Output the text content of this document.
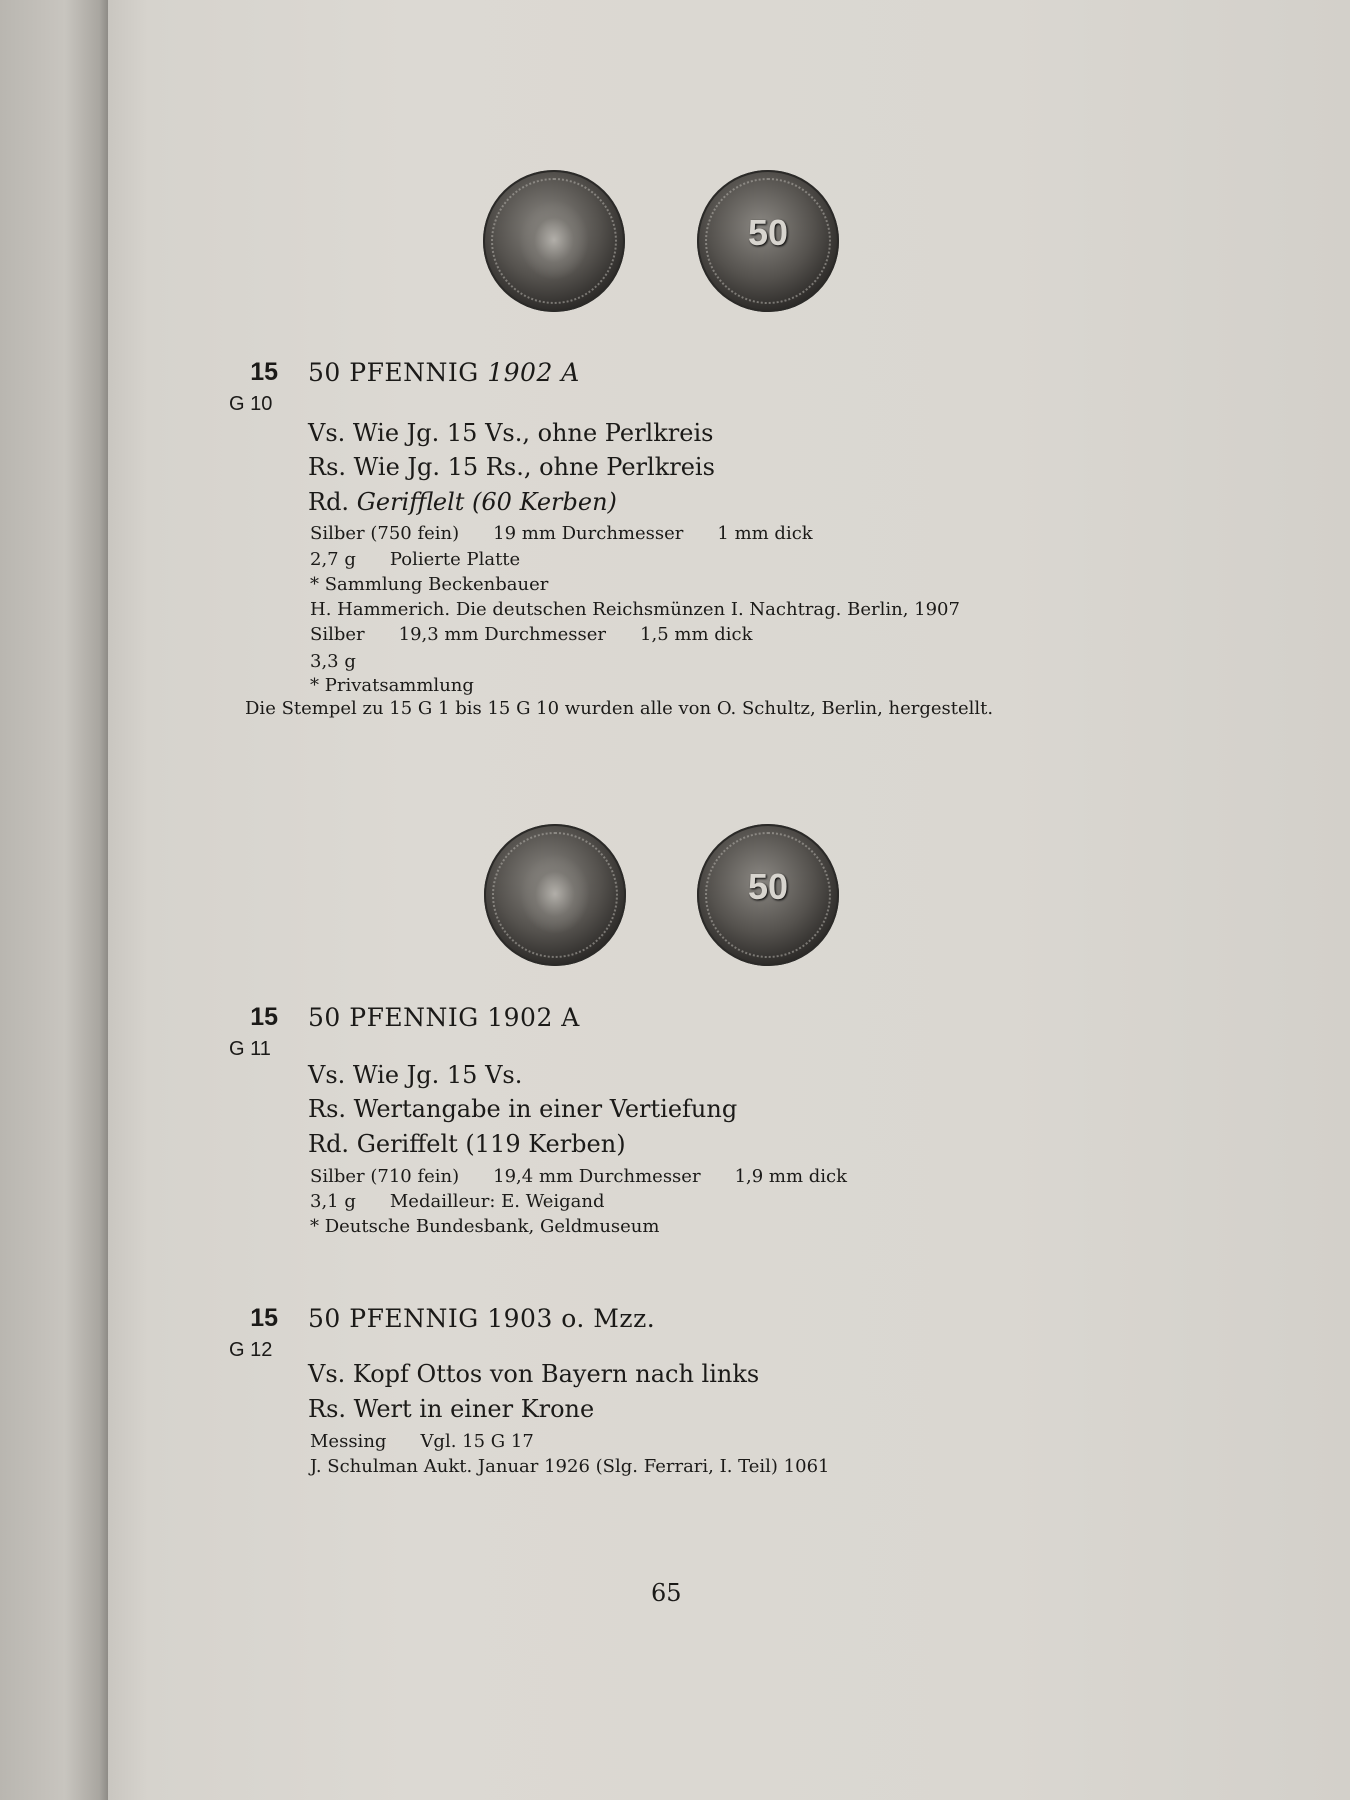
50
15
G 10
50 PFENNIG 1902 A
Vs. Wie Jg. 15 Vs., ohne Perlkreis
Rs. Wie Jg. 15 Rs., ohne Perlkreis
Rd. Gerifflelt (60 Kerben)
Silber (750 fein) 19 mm Durchmesser 1 mm dick
2,7 g Polierte Platte
* Sammlung Beckenbauer
H. Hammerich. Die deutschen Reichsmünzen I. Nachtrag. Berlin, 1907
Silber 19,3 mm Durchmesser 1,5 mm dick
3,3 g
* Privatsammlung
Die Stempel zu 15 G 1 bis 15 G 10 wurden alle von O. Schultz, Berlin, hergestellt.
50
15
G 11
50 PFENNIG 1902 A
Vs. Wie Jg. 15 Vs.
Rs. Wertangabe in einer Vertiefung
Rd. Geriffelt (119 Kerben)
Silber (710 fein) 19,4 mm Durchmesser 1,9 mm dick
3,1 g Medailleur: E. Weigand
* Deutsche Bundesbank, Geldmuseum
15
G 12
50 PFENNIG 1903 o. Mzz.
Vs. Kopf Ottos von Bayern nach links
Rs. Wert in einer Krone
Messing Vgl. 15 G 17
J. Schulman Aukt. Januar 1926 (Slg. Ferrari, I. Teil) 1061
65
